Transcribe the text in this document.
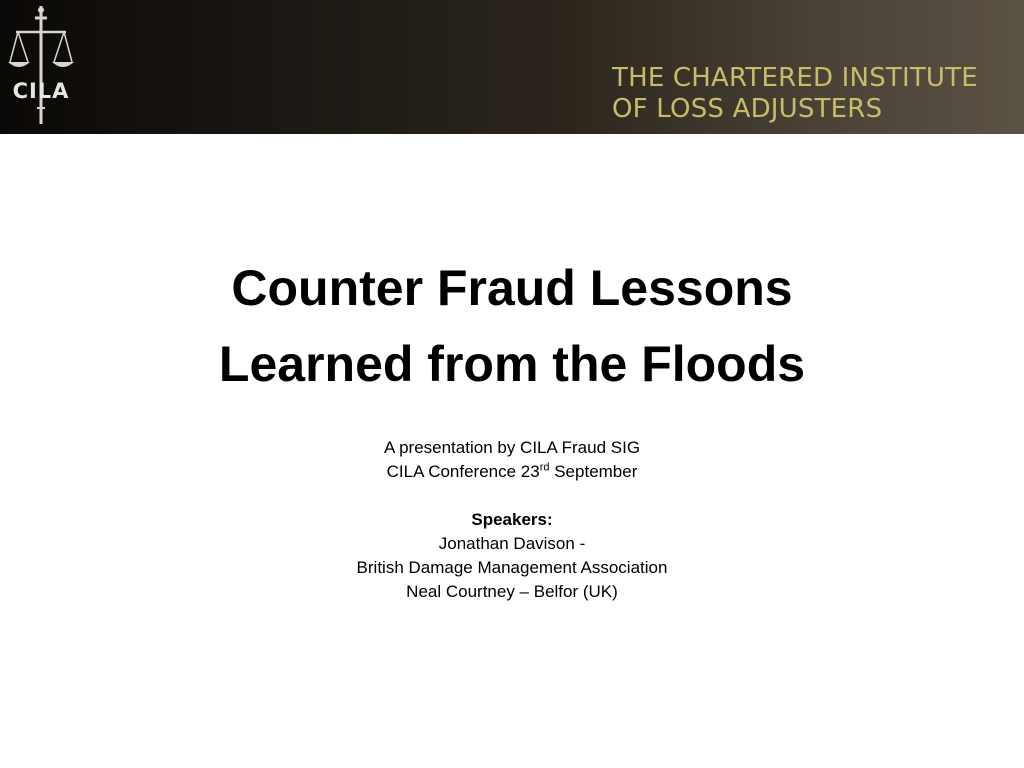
CILA	THE CHARTERED INSTITUTE
OF LOSS ADJUSTERS
Counter Fraud Lessons
Learned from the Floods
A presentation by CILA Fraud SIG
CILA Conference 23rd September
Speakers:
Jonathan Davison -
British Damage Management Association
Neal Courtney – Belfor (UK)
